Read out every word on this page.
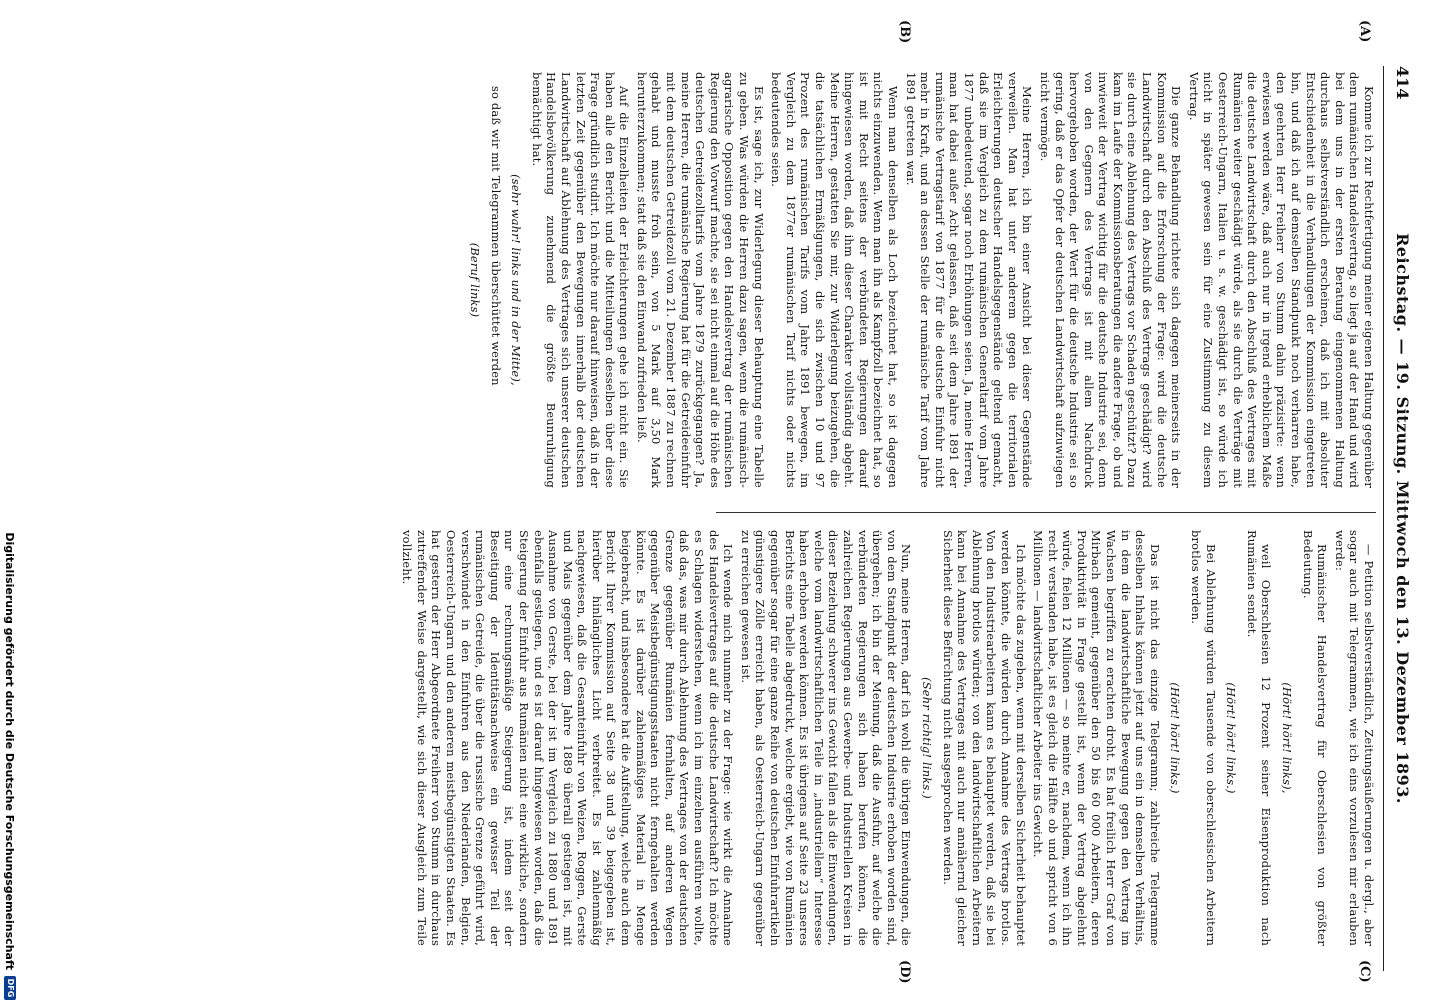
414
Reichstag. — 19. Sitzung. Mittwoch den 13. Dezember 1893.
(A)
(B)
(C)
(D)

Komme ich zur Rechtfertigung meiner eigenen Haltung gegenüber dem rumänischen Handelsvertrag, so liegt ja auf der Hand und wird bei dem uns in der ersten Beratung eingenommenen Haltung durchaus selbstverständlich erscheinen, daß ich mit absoluter Entschiedenheit in die Verhandlungen der Kommission eingetreten bin, und daß ich auf demselben Standpunkt noch verharren habe, den geehrten Herr Freiherr von Stumm dahin präzisirte: wenn erwiesen werden wäre, daß auch nur in irgend erheblichem Maße die deutsche Landwirtschaft durch den Abschluß des Vertrages mit Rumänien weiter geschädigt würde, als sie durch die Verträge mit Oesterreich-Ungarn, Italien u. s. w. geschädigt ist, so würde ich nicht in später gewesen sein für eine Zustimmung zu diesem Vertrag.

Die ganze Behandlung richtete sich dagegen meinerseits in der Kommission auf die Erforschung der Frage: wird die deutsche Landwirtschaft durch den Abschluß des Vertrags geschädigt? wird sie durch eine Ablehnung des Vertrags vor Schaden geschützt? Dazu kam im Laufe der Kommissionsberatungen die andere Frage, ob und inwieweit der Vertrag wichtig für die deutsche Industrie sei, denn von den Gegnern des Vertrags ist mit allem Nachdruck hervorgehoben worden, der Wert für die deutsche Industrie sei so gering, daß er das Opfer der deutschen Landwirtschaft aufzuwiegen nicht vermöge.

Meine Herren, ich bin einer Ansicht bei dieser Gegenstände verweilen. Man hat unter anderem gegen die territorialen Erleichterungen deutscher Handelsgegenstände geltend gemacht, daß sie im Vergleich zu dem rumänischen Generaltarif vom Jahre 1877 unbedeutend, sogar noch Erhöhungen seien. Ja, meine Herren, man hat dabei außer Acht gelassen, daß seit dem Jahre 1891 der rumänische Vertragstarif von 1877 für die deutsche Einfuhr nicht mehr in Kraft, und an dessen Stelle der rumänische Tarif vom Jahre 1891 getreten war.

Wenn man denselben als Loch bezeichnet hat, so ist dagegen nichts einzuwenden. Wenn man ihn als Kampfzoll bezeichnet hat, so ist mit Recht seitens der verbündeten Regierungen darauf hingewiesen worden, daß ihm dieser Charakter vollständig abgeht. Meine Herren, gestatten Sie mir, zur Widerlegung beizugehen, die die tatsächlichen Ermäßigungen, die sich zwischen 10 und 97 Prozent des rumänischen Tarifs vom Jahre 1891 bewegen, im Vergleich zu dem 1877er rumänischen Tarif nichts oder nichts bedeutendes seien.

Es ist, sage ich, zur Widerlegung dieser Behauptung eine Tabelle zu geben. Was würden die Herren dazu sagen, wenn die rumänisch-agrarische Opposition gegen den Handelsvertrag der rumänischen Regierung den Vorwurf machte, sie sei nicht einmal auf die Höhe des deutschen Getreidezolltarifs vom Jahre 1879 zurückgegangen? Ja, meine Herren, die rumänische Regierung hat für die Getreideeinfuhr mit dem deutschen Getreidezoll vom 21. Dezember 1887 zu rechnen gehabt und musste froh sein, von 5 Mark auf 3,50 Mark herunterzukommen; statt daß sie den Einwand zufrieden ließ.

Auf die Einzelheiten der Erleichterungen gehe ich nicht ein. Sie haben alle den Bericht und die Mitteilungen desselben über diese Frage gründlich studirt. Ich möchte nur darauf hinweisen, daß in der letzten Zeit gegenüber den Bewegungen innerhalb der deutschen Landwirtschaft auf Ablehnung des Vertrages sich unserer deutschen Handelsbevölkerung zunehmend die größte Beunruhigung bemächtigt hat.

(sehr wahr! links und in der Mitte),

so daß wir mit Telegrammen überschüttet werden

(Beruf links)

— Petition selbstverständlich, Zeitungsäußerungen u. dergl., aber sogar auch mit Telegrammen, wie ich eins vorzulesen mir erlauben werde:

Rumänischer Handelsvertrag für Oberschlesien von größter Bedeutung.

(Hört! hört! links),

weil Oberschlesien 12 Prozent seiner Eisenproduktion nach Rumänien sendet.

(Hört! hört! links.)

Bei Ablehnung würden Tausende von oberschlesischen Arbeitern brotlos werden.

(Hört! hört! links.)

Das ist nicht das einzige Telegramm; zahlreiche Telegramme desselben Inhalts können jetzt auf uns ein in demselben Verhältnis, in dem die landwirtschaftliche Bewegung gegen den Vertrag im Wachsen begriffen zu erachten droht. Es hat freilich Herr Graf von Mirbach gemeint, gegenüber den 50 bis 60 000 Arbeitern, deren Produktivität in Frage gestellt ist, wenn der Vertrag abgelehnt würde, fielen 12 Millionen — so meinte er, nachdem, wenn ich ihn recht verstanden habe, ist es gleich die Hälfte ob und spricht von 6 Millionen — landwirtschaftlicher Arbeiter ins Gewicht.

Ich möchte das zugeben, wenn mit derselben Sicherheit behauptet werden könnte, die würden durch Annahme des Vertrags brotlos. Von den Industriearbeitern kann es behauptet werden, daß sie bei Ablehnung brotlos würden; von den landwirtschaftlichen Arbeitern kann bei Annahme des Vertrages mit auch nur annähernd gleicher Sicherheit diese Befürchtung nicht ausgesprochen werden.

(Sehr richtig! links.)

Nun, meine Herren, darf ich wohl die übrigen Einwendungen, die von dem Standpunkt der deutschen Industrie erhoben worden sind, übergehen; ich bin der Meinung, daß die Ausfuhr, auf welche die verbündeten Regierungen sich haben berufen können, die zahlreichen Regierungen aus Gewerbe- und Industriellen Kreisen in dieser Beziehung schwerer ins Gewicht fallen als die Einwendungen, welche vom landwirtschaftlichen Teile in „industriellem“ Interesse haben erhoben werden können. Es ist übrigens auf Seite 23 unseres Berichts eine Tabelle abgedruckt, welche ergiebt, wie von Rumänien gegenüber sogar für eine ganze Reihe von deutschen Einfuhrartikeln günstigere Zölle erreicht haben, als Oesterreich-Ungarn gegenüber zu erreichen gewesen ist.

Ich wende mich nunmehr zu der Frage: wie wirkt die Annahme des Handelsvertrages auf die deutsche Landwirtschaft? Ich möchte es Schlagen widerstehen, wenn ich im einzelnen ausführen wollte, daß das, was mir durch Ablehnung des Vertrages von der deutschen Grenze gegenüber Rumänien fernhalten, auf anderen Wegen gegenüber Meistbegünstigungsstaaten nicht ferngehalten werden könnte. Es ist darüber zahlenmäßiges Material in Menge beigebracht, und insbesondere hat die Aufstellung, welche auch dem Bericht Ihrer Kommission auf Seite 38 und 39 beigegeben ist, hierüber hinlängliches Licht verbreitet. Es ist zahlenmäßig nachgewiesen, daß die Gesamteinfuhr von Weizen, Roggen, Gerste und Mais gegenüber dem Jahre 1889 überall gestiegen ist, mit Ausnahme von Gerste, bei der ist im Vergleich zu 1880 und 1891 ebenfalls gestiegen, und es ist darauf hingewiesen worden, daß die Steigerung der Einfuhr aus Rumänien nicht eine wirkliche, sondern nur eine rechnungsmäßige Steigerung ist, indem seit der Beseitigung der Identitätsnachweise ein gewisser Teil der rumänischen Getreide, die über die russische Grenze geführt wird, verschwindet in den Einfuhren aus den Niederlanden, Belgien, Oesterreich-Ungarn und den anderen meistbegünstigten Staaten. Es hat gestern der Herr Abgeordnete Freiherr von Stumm in durchaus zutreffender Weise dargestellt, wie sich dieser Ausgleich zum Teile vollzieht.

Digitalisierung gefördert durch die Deutsche Forschungsgemeinschaft
DFG
